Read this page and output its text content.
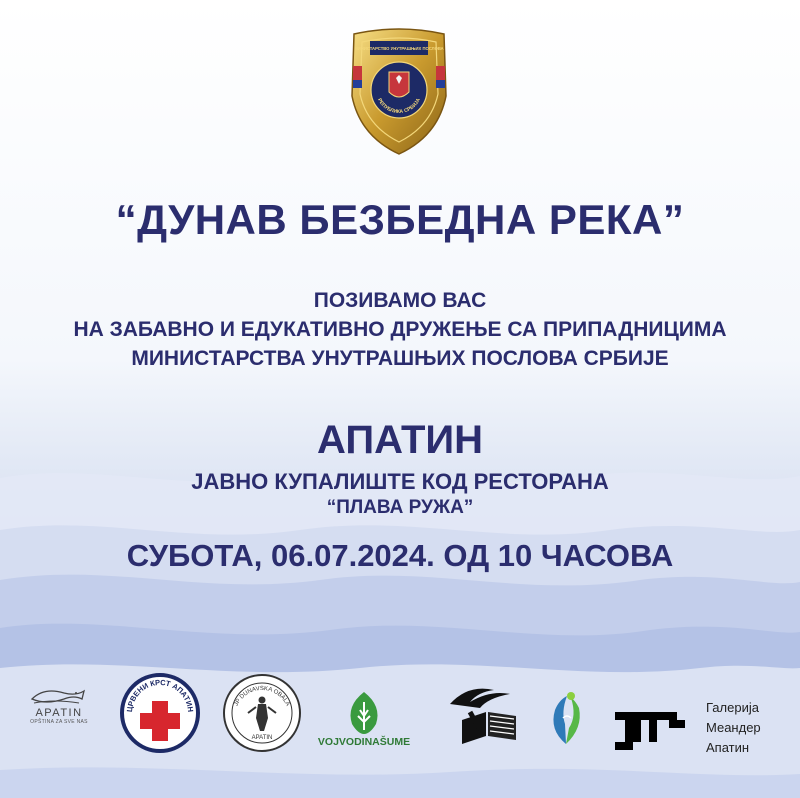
МИНИСТАРСТВО УНУТРАШЊИХ ПОСЛОВА
РЕПУБЛИКА СРБИЈА
“ДУНАВ БЕЗБЕДНА РЕКА”
ПОЗИВАМО ВАС
НА ЗАБАВНО И ЕДУКАТИВНО ДРУЖЕЊЕ СА ПРИПАДНИЦИМА
МИНИСТАРСТВА УНУТРАШЊИХ ПОСЛОВА СРБИЈЕ
АПАТИН
ЈАВНО КУПАЛИШТЕ КОД РЕСТОРАНА
“ПЛАВА РУЖА”
СУБОТА, 06.07.2024. ОД 10 ЧАСОВА
APATIN
OPŠTINA ZA SVE NAS
ЦРВЕНИ КРСТ АПАТИН
JP DUNAVSKA OBALA
APATIN	VOJVODINAŠUME
Галерија
Меандер
Апатин
